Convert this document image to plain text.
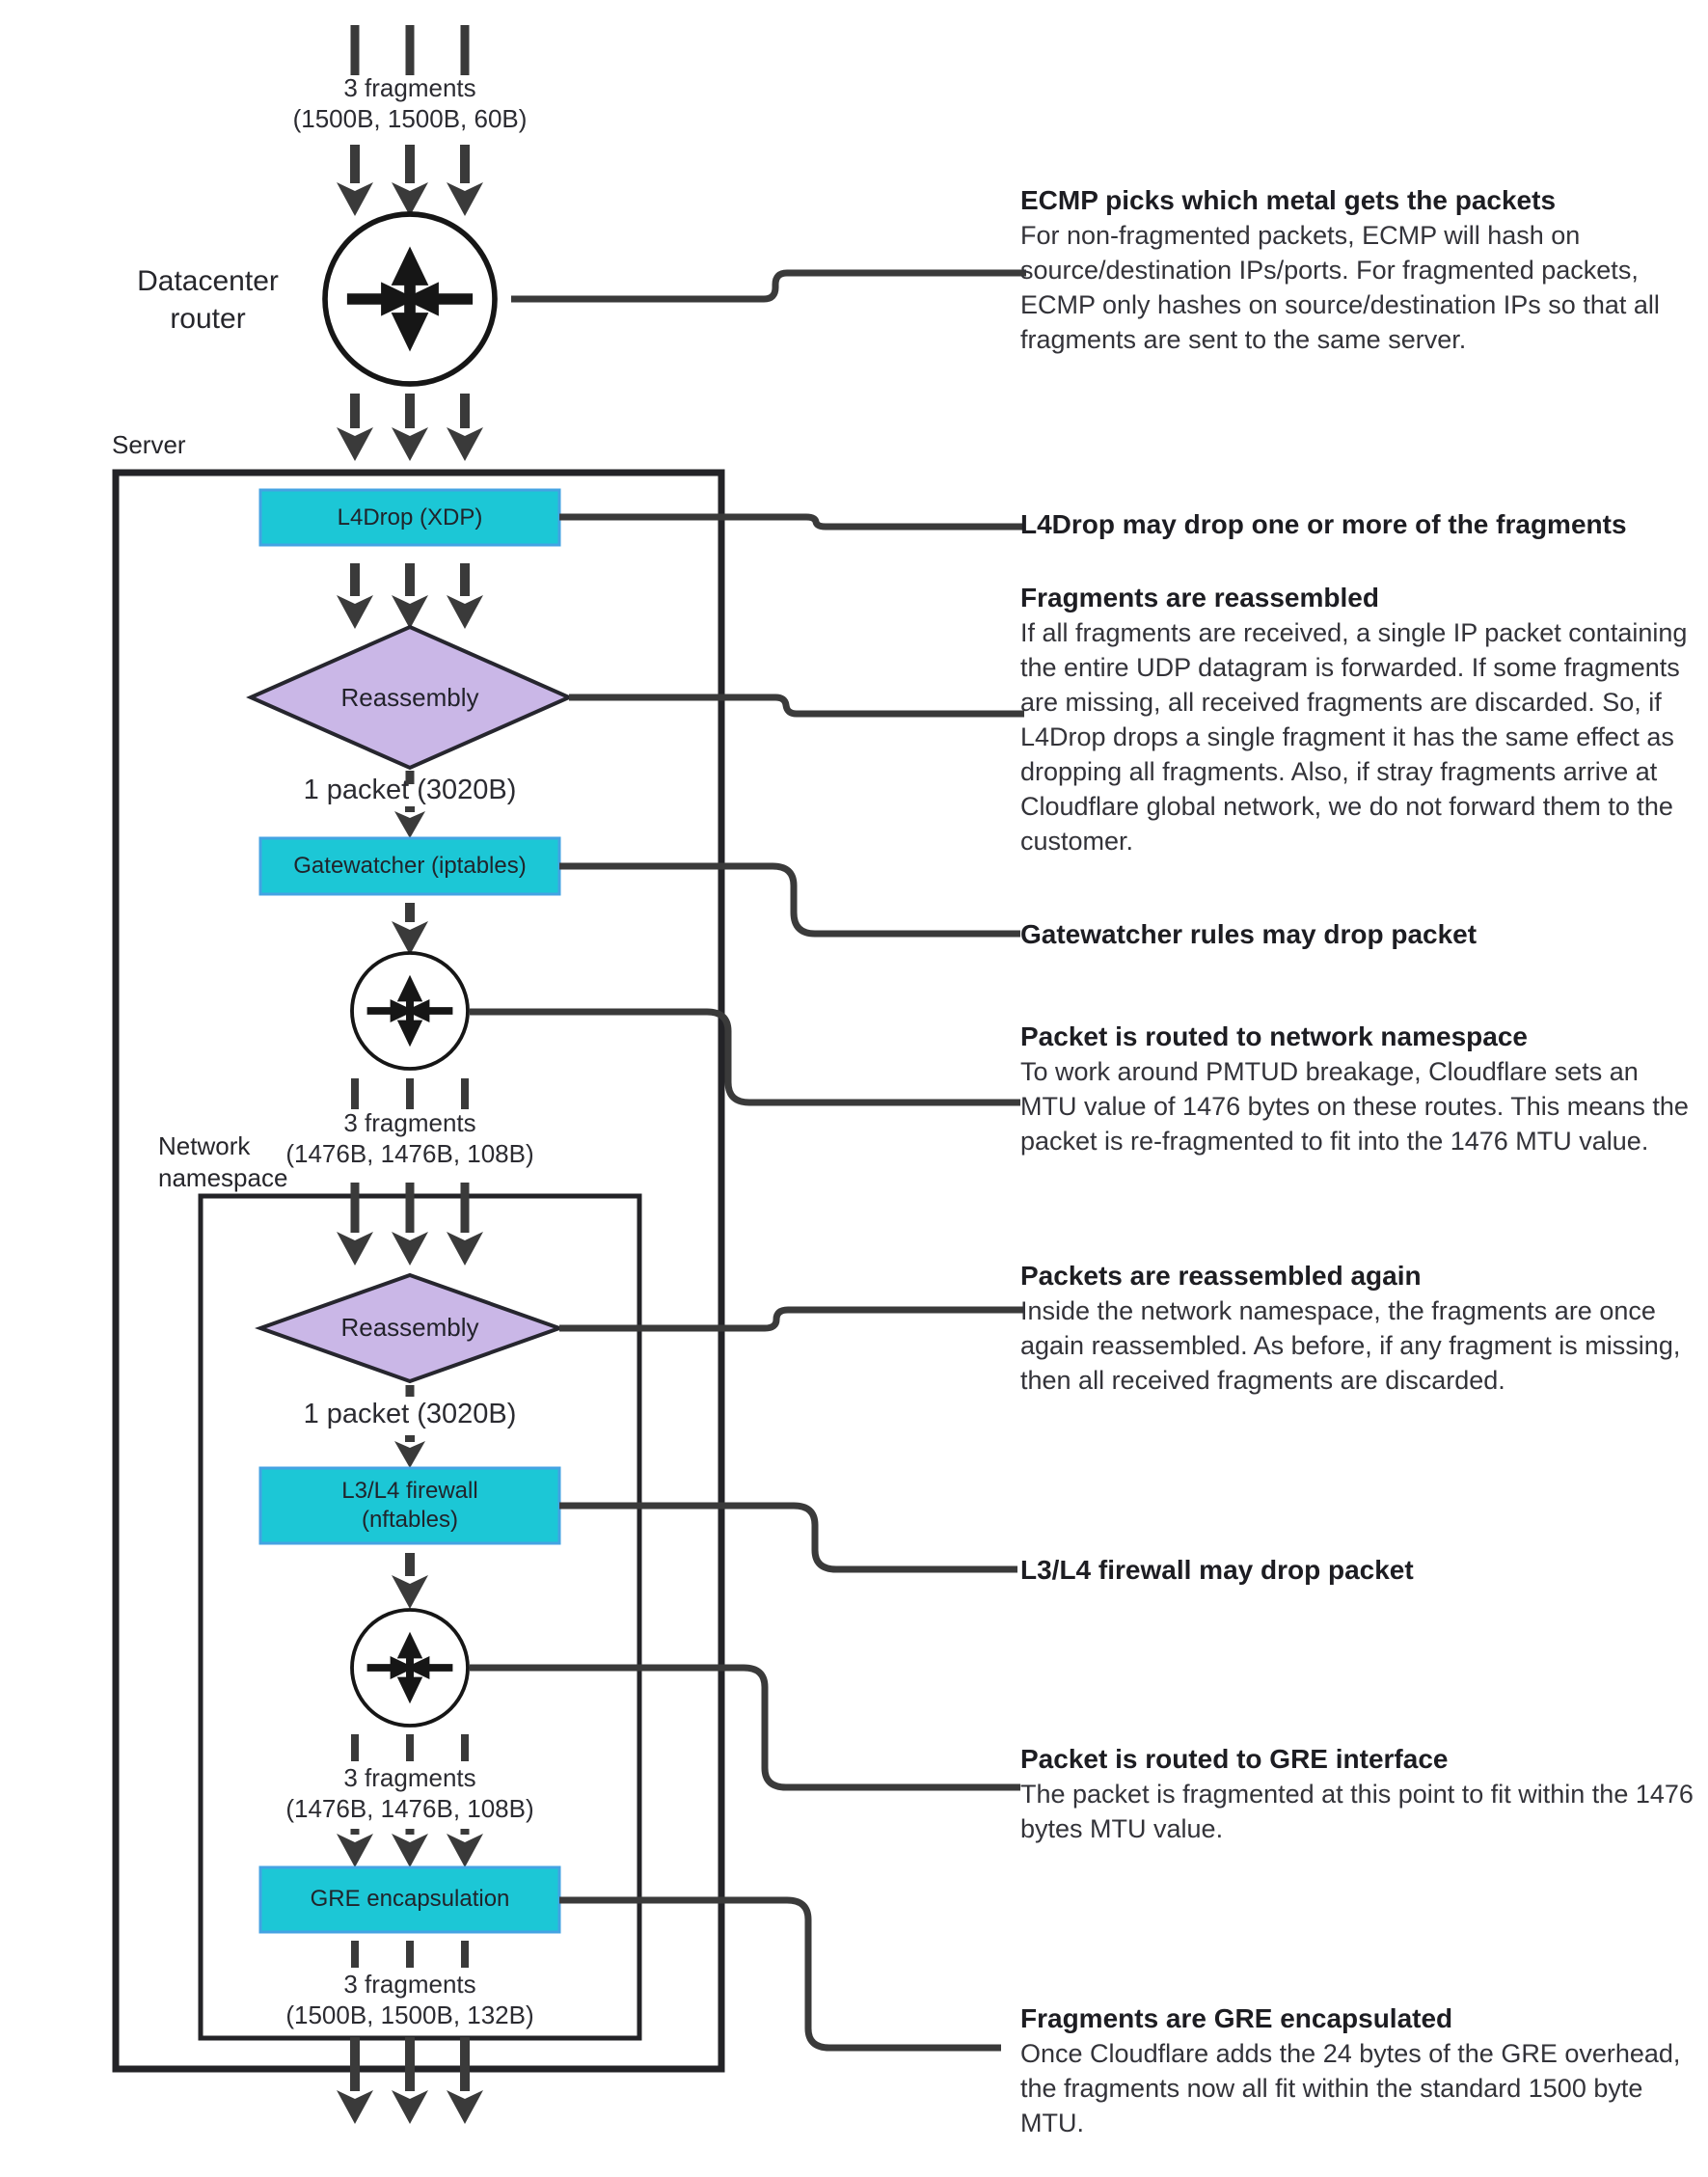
3 fragments
(1500B, 1500B, 60B)
Datacenter router
Server
L4Drop (XDP)
Reassembly
1 packet (3020B)
Gatewatcher (iptables)
3 fragments
(1476B, 1476B, 108B)
Network namespace
Reassembly
1 packet (3020B)
L3/L4 firewall
(nftables)
3 fragments
(1476B, 1476B, 108B)
GRE encapsulation
3 fragments
(1500B, 1500B, 132B)
ECMP picks which metal gets the packets

For non-fragmented packets, ECMP will hash on source/destination IPs/ports. For fragmented packets, ECMP only hashes on source/destination IPs so that all fragments are sent to the same server.

L4Drop may drop one or more of the fragments
Fragments are reassembled

If all fragments are received, a single IP packet containing the entire UDP datagram is forwarded. If some fragments are missing, all received fragments are discarded. So, if L4Drop drops a single fragment it has the same effect as dropping all fragments. Also, if stray fragments arrive at Cloudflare global network, we do not forward them to the customer.

Gatewatcher rules may drop packet
Packet is routed to network namespace

To work around PMTUD breakage, Cloudflare sets an MTU value of 1476 bytes on these routes. This means the packet is re-fragmented to fit into the 1476 MTU value.

Packets are reassembled again

Inside the network namespace, the fragments are once again reassembled. As before, if any fragment is missing, then all received fragments are discarded.

L3/L4 firewall may drop packet
Packet is routed to GRE interface

The packet is fragmented at this point to fit within the 1476 bytes MTU value.

Fragments are GRE encapsulated

Once Cloudflare adds the 24 bytes of the GRE overhead, the fragments now all fit within the standard 1500 byte MTU.
